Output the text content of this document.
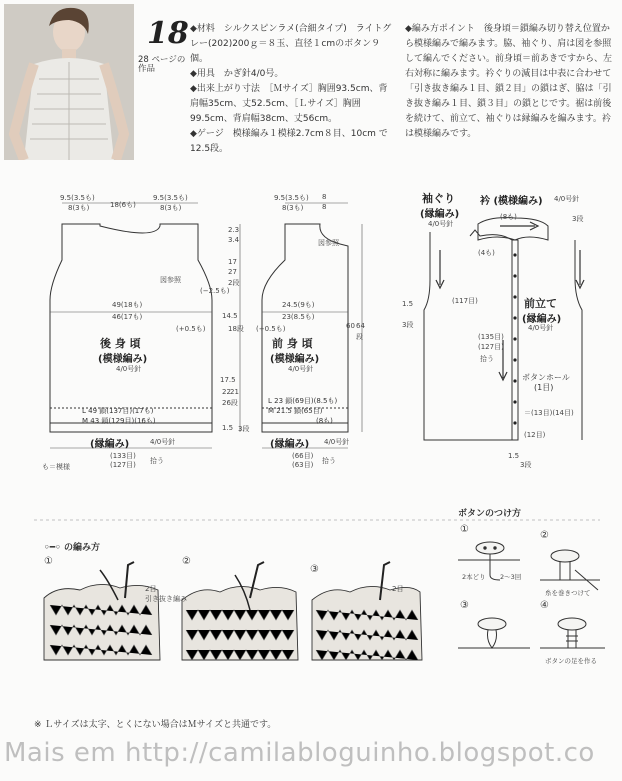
18
28 ページの
作品

◆材料　シルクスピンラメ(合細タイプ)　ライトグレー(202)200ｇ＝８玉、直径１cmのボタン９個。

◆用具　かぎ針4/0号。

◆出来上がり寸法　［Ｍサイズ］胸囲93.5cm、背肩幅35cm、丈52.5cm、［Ｌサイズ］胸囲99.5cm、背肩幅38cm、丈56cm。

◆ゲージ　模様編み１模様2.7cm８目、10cm で12.5段。

◆編み方ポイント　後身頃＝鎖編み切り替え位置から模様編みで編みます。脇、袖ぐり、肩は図を参照して編んでください。前身頃＝前あきですから、左右対称に編みます。衿ぐりの減目は中表に合わせて「引き抜き編み１目、鎖２目」の鎖はぎ、脇は「引き抜き編み１目、鎖３目」の鎖とじです。裾は前後を続けて、前立て、袖ぐりは縁編みを編みます。衿は模様編みです。

9.5(3.5も)
8(3も)	18(6も)
9.5(3.5も)
8(3も)
図参照
(−2.5も)
(+0.5も)
49(18も)
46(17も)
後 身 頃
(模様編み)
4/0号針
L 49 鎖(137目)(17も)
M 43 鎖(129目)(16も)
(縁編み)	4/0号針
(133目)
(127目) 拾う
も＝模様
2.3
3.4
17
27
2段
14.5
18段
17.5
22 21
26段
1.5 3段
9.5(3.5も)
8(3も)
8
8
図参照
24.5(9も)
23(8.5も)
(+0.5も)
前 身 頃
(模様編み)
4/0号針
L 23 鎖(69目)(8.5も)
M 21.5 鎖(65目)
(8も)
(縁編み) 4/0号針
(66目)
(63目) 拾う
60 64
段
袖ぐり
(縁編み)
4/0号針
衿 (模様編み) 4/0号針
(8も)	3段
前立て
(縁編み)
4/0号針
ボタンホール
(1目)
(117目)
(135目)
(127目)
(4も)
(12目)
＝(13目)(14目)
拾う
1.5
3段
1.5
3段
◦━◦ の編み方
①	②
③
2目
引き抜き編み
2目
ボタンのつけ方
①
②
③	④
2本どり 2〜3回
糸を巻きつけて
ボタンの足を作る
※ Ｌサイズは太字、とくにない場合はＭサイズと共通です。
Mais em http://camilabloguinho.blogspot.co
